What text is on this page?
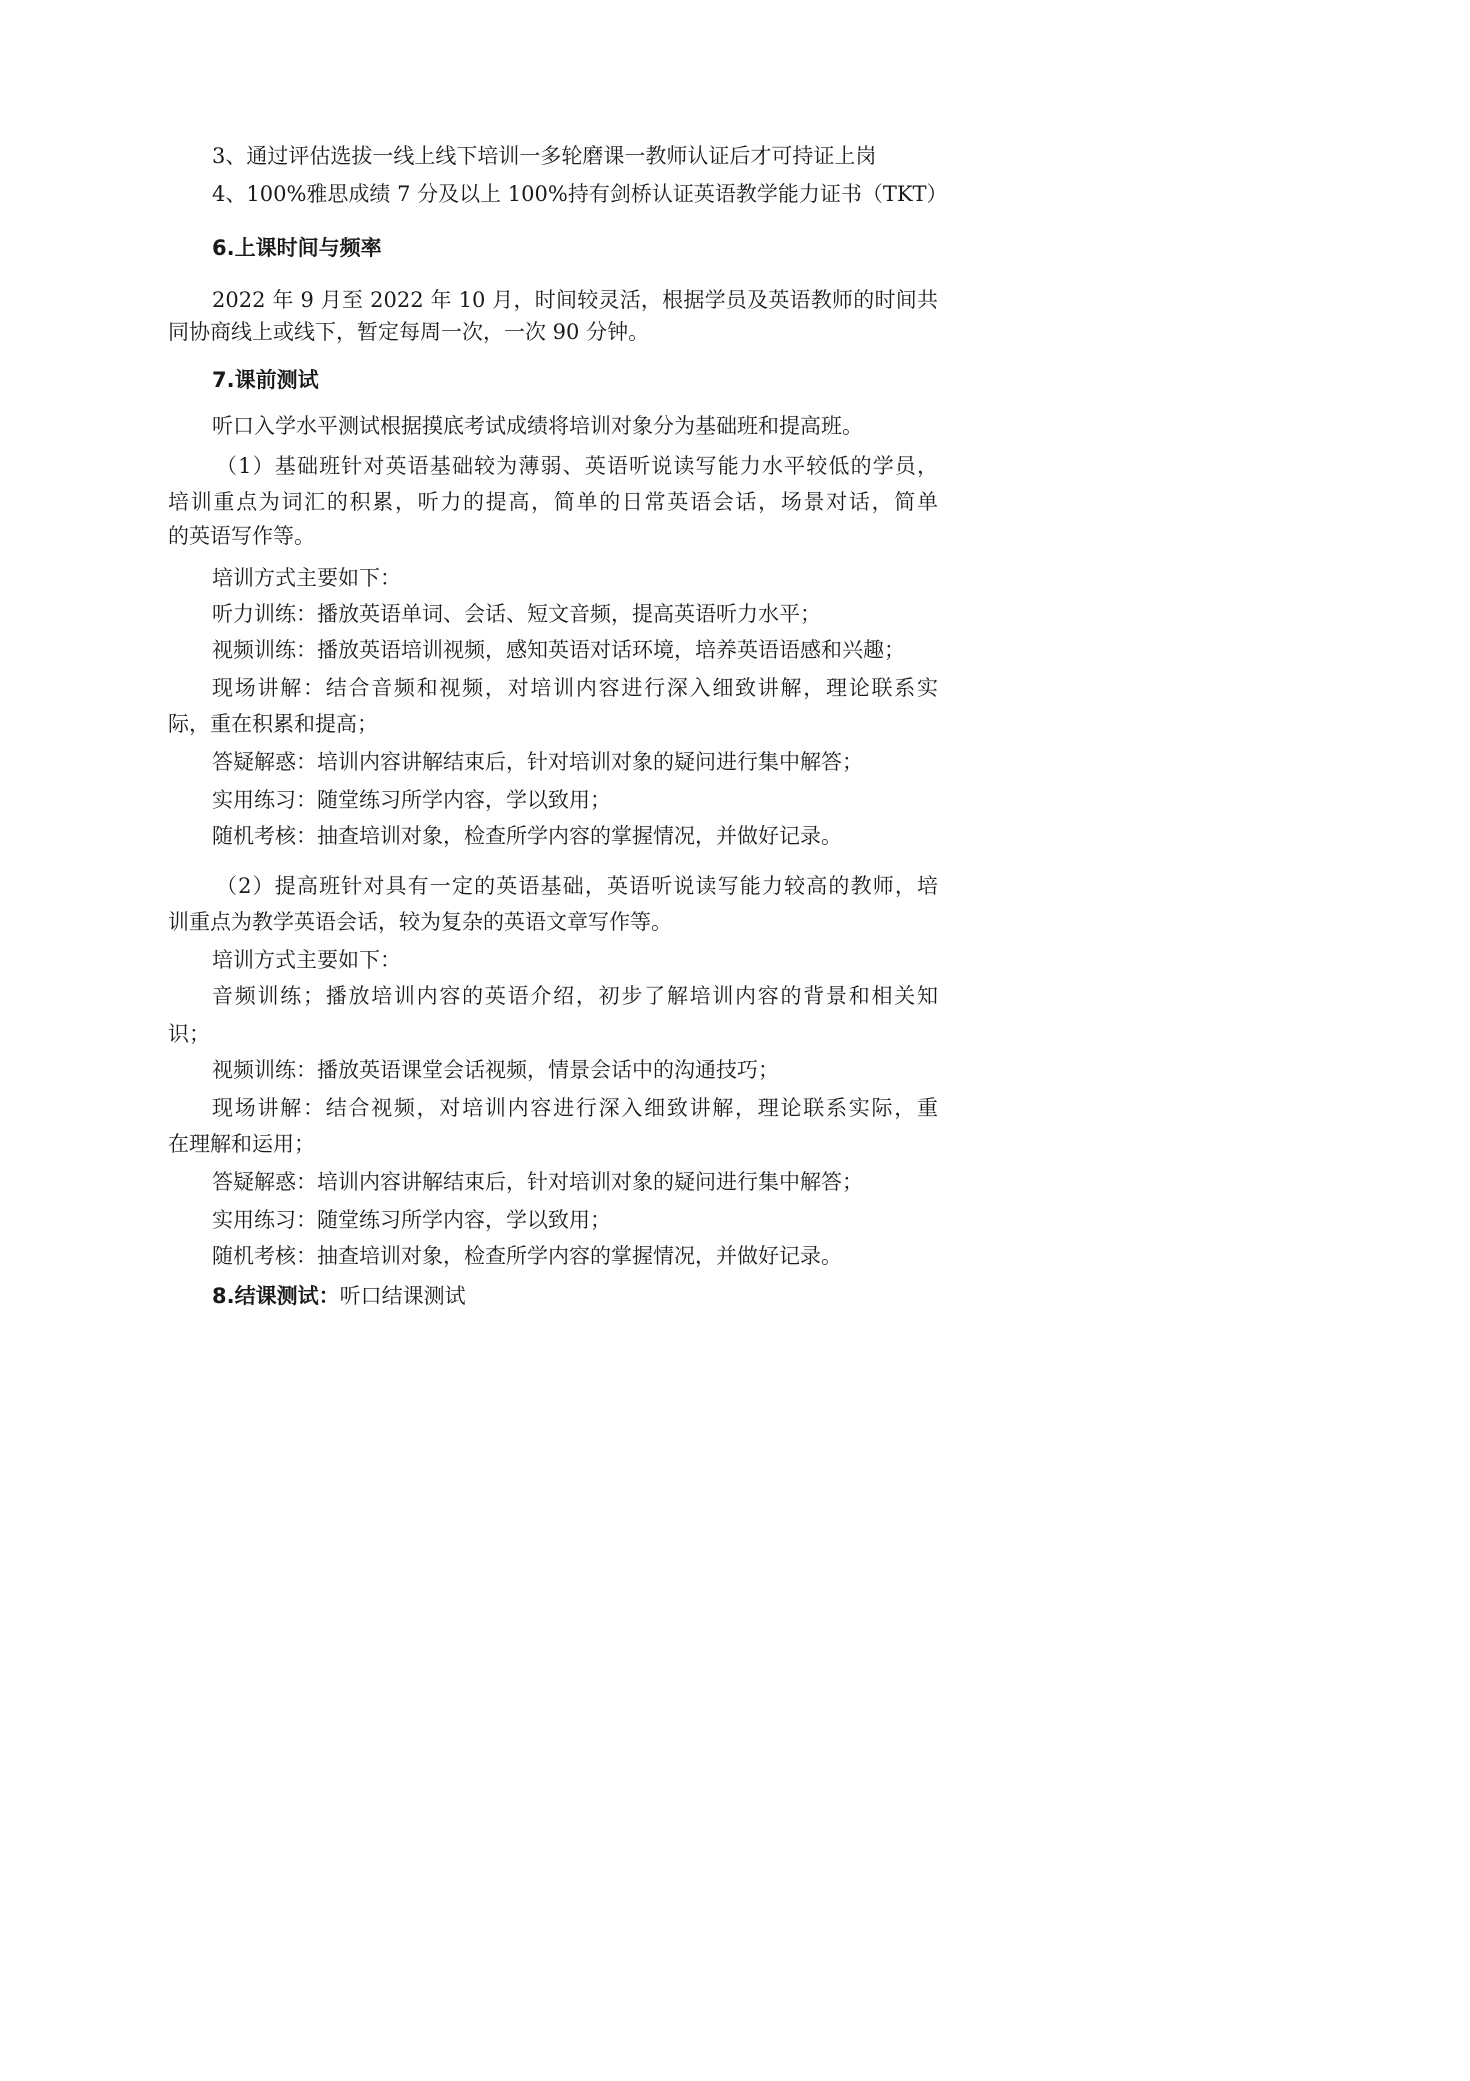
3、通过评估选拔一线上线下培训一多轮磨课一教师认证后才可持证上岗

4、100%雅思成绩 7 分及以上 100%持有剑桥认证英语教学能力证书（TKT）

6.上课时间与频率

2022 年 9 月至 2022 年 10 月，时间较灵活，根据学员及英语教师的时间共

同协商线上或线下，暂定每周一次，一次 90 分钟。

7.课前测试

听口入学水平测试根据摸底考试成绩将培训对象分为基础班和提高班。

（1）基础班针对英语基础较为薄弱、英语听说读写能力水平较低的学员，

培训重点为词汇的积累，听力的提高，简单的日常英语会话，场景对话，简单

的英语写作等。

培训方式主要如下：

听力训练：播放英语单词、会话、短文音频，提高英语听力水平；

视频训练：播放英语培训视频，感知英语对话环境，培养英语语感和兴趣；

现场讲解：结合音频和视频，对培训内容进行深入细致讲解，理论联系实

际，重在积累和提高；

答疑解惑：培训内容讲解结束后，针对培训对象的疑问进行集中解答；

实用练习：随堂练习所学内容，学以致用；

随机考核：抽查培训对象，检查所学内容的掌握情况，并做好记录。

（2）提高班针对具有一定的英语基础，英语听说读写能力较高的教师，培

训重点为教学英语会话，较为复杂的英语文章写作等。

培训方式主要如下：

音频训练；播放培训内容的英语介绍，初步了解培训内容的背景和相关知

识；

视频训练：播放英语课堂会话视频，情景会话中的沟通技巧；

现场讲解：结合视频，对培训内容进行深入细致讲解，理论联系实际，重

在理解和运用；

答疑解惑：培训内容讲解结束后，针对培训对象的疑问进行集中解答；

实用练习：随堂练习所学内容，学以致用；

随机考核：抽查培训对象，检查所学内容的掌握情况，并做好记录。

8.结课测试：听口结课测试
